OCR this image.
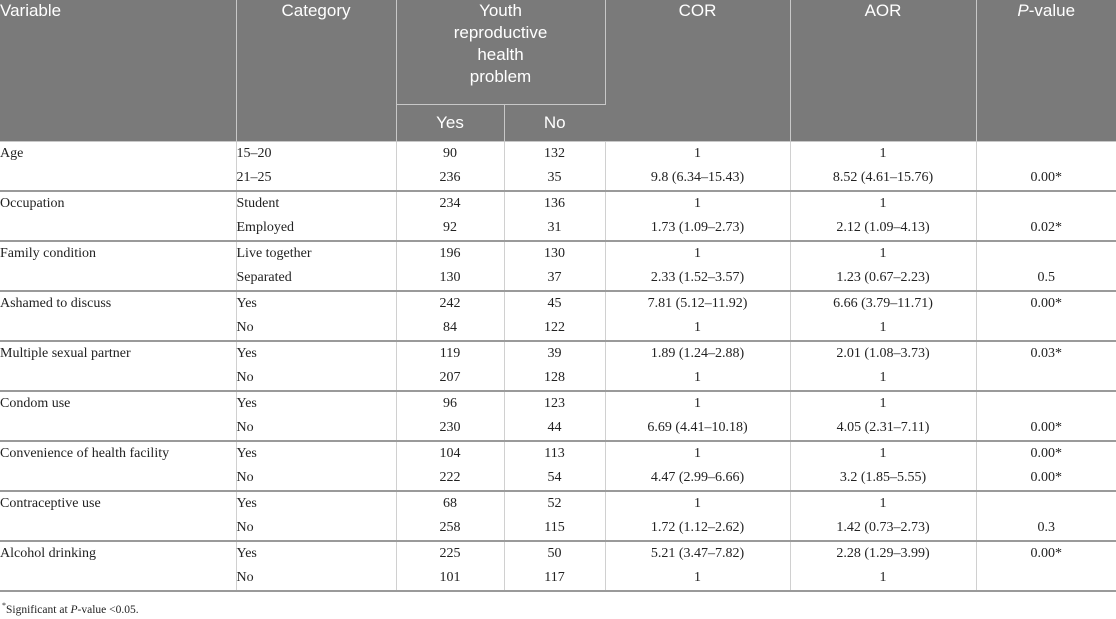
Variable	Category	Youth
reproductive
health
problem		COR	AOR	P-value
		Yes	No			
Age	15–20	90	132	1	1	
	21–25	236	35	9.8 (6.34–15.43)	8.52 (4.61–15.76)	0.00*
Occupation	Student	234	136	1	1	
	Employed	92	31	1.73 (1.09–2.73)	2.12 (1.09–4.13)	0.02*
Family condition	Live together	196	130	1	1	
	Separated	130	37	2.33 (1.52–3.57)	1.23 (0.67–2.23)	0.5
Ashamed to discuss	Yes	242	45	7.81 (5.12–11.92)	6.66 (3.79–11.71)	0.00*
	No	84	122	1	1	
Multiple sexual partner	Yes	119	39	1.89 (1.24–2.88)	2.01 (1.08–3.73)	0.03*
	No	207	128	1	1	
Condom use	Yes	96	123	1	1	
	No	230	44	6.69 (4.41–10.18)	4.05 (2.31–7.11)	0.00*
Convenience of health facility	Yes	104	113	1	1	0.00*
	No	222	54	4.47 (2.99–6.66)	3.2 (1.85–5.55)	0.00*
Contraceptive use	Yes	68	52	1	1	
	No	258	115	1.72 (1.12–2.62)	1.42 (0.73–2.73)	0.3
Alcohol drinking	Yes	225	50	5.21 (3.47–7.82)	2.28 (1.29–3.99)	0.00*
	No	101	117	1	1	
*Significant at P-value <0.05.
